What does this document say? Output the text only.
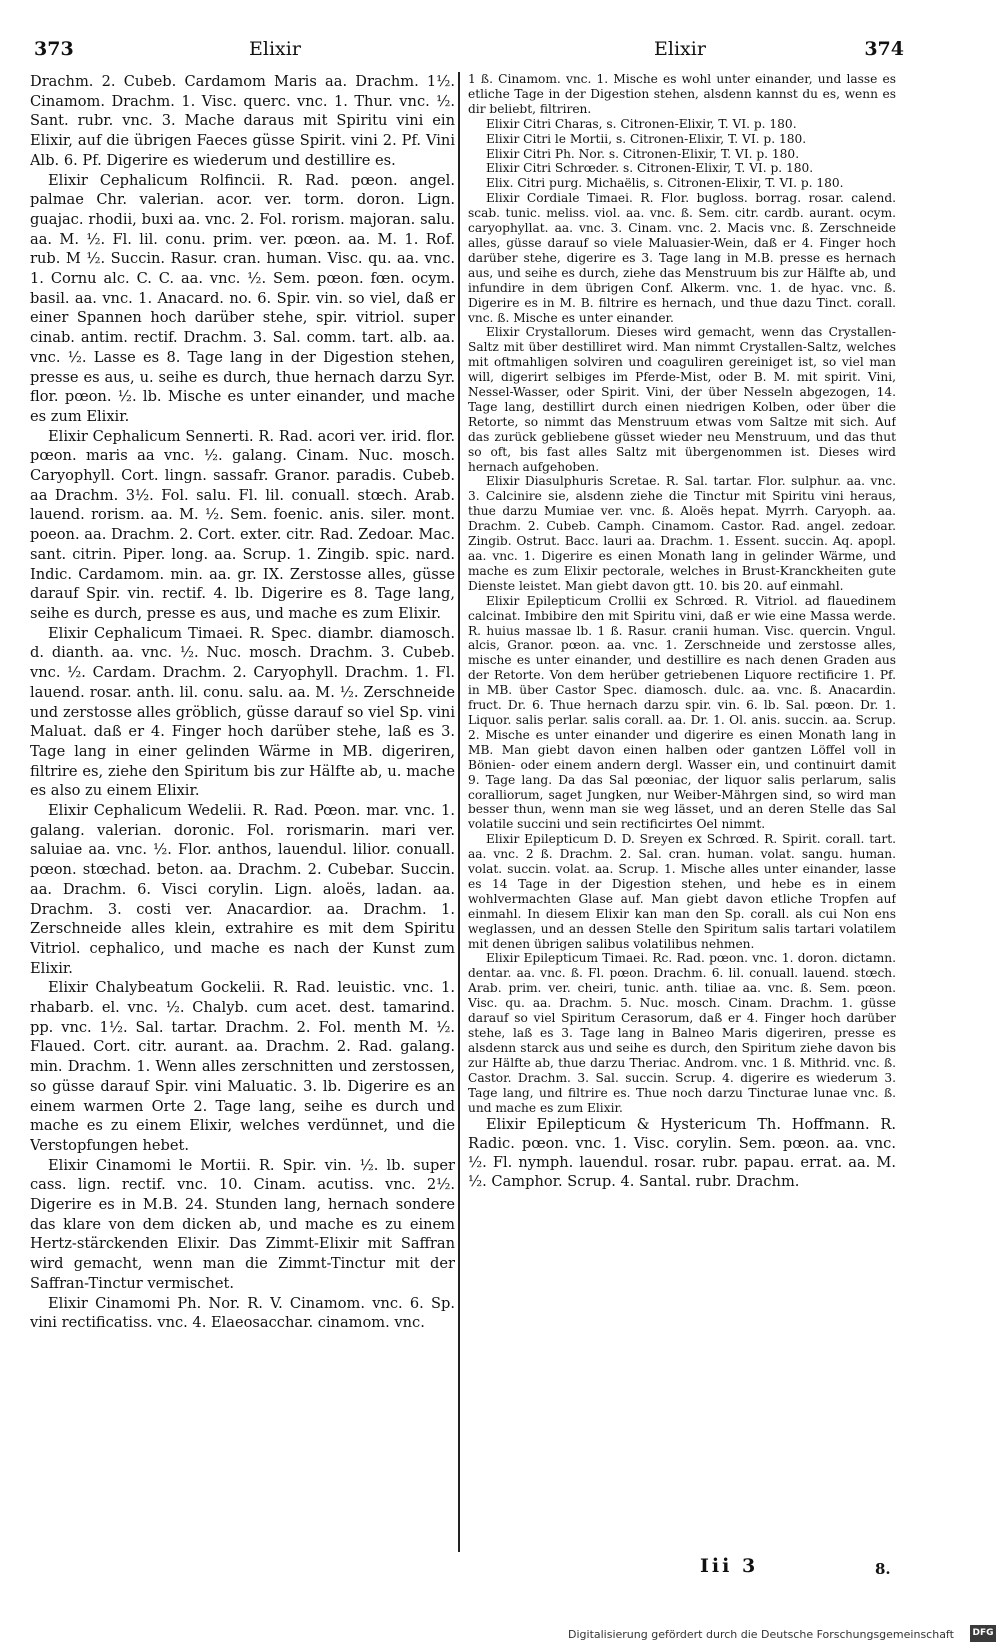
373	Elixir	Elixir	374

Drachm. 2. Cubeb. Cardamom Maris aa. Drachm. 1½. Cinamom. Drachm. 1. Visc. querc. vnc. 1. Thur. vnc. ½. Sant. rubr. vnc. 3. Mache daraus mit Spiritu vini ein Elixir, auf die übrigen Faeces güsse Spirit. vini 2. Pf. Vini Alb. 6. Pf. Digerire es wiederum und destillire es.

Elixir Cephalicum Rolfincii. R. Rad. pœon. angel. palmae Chr. valerian. acor. ver. torm. doron. Lign. guajac. rhodii, buxi aa. vnc. 2. Fol. rorism. majoran. salu. aa. M. ½. Fl. lil. conu. prim. ver. pœon. aa. M. 1. Rof. rub. M ½. Succin. Rasur. cran. human. Visc. qu. aa. vnc. 1. Cornu alc. C. C. aa. vnc. ½. Sem. pœon. fœn. ocym. basil. aa. vnc. 1. Anacard. no. 6. Spir. vin. so viel, daß er einer Spannen hoch darüber stehe, spir. vitriol. super cinab. antim. rectif. Drachm. 3. Sal. comm. tart. alb. aa. vnc. ½. Lasse es 8. Tage lang in der Digestion stehen, presse es aus, u. seihe es durch, thue hernach darzu Syr. flor. pœon. ½. lb. Mische es unter einander, und mache es zum Elixir.

Elixir Cephalicum Sennerti. R. Rad. acori ver. irid. flor. pœon. maris aa vnc. ½. galang. Cinam. Nuc. mosch. Caryophyll. Cort. lingn. sassafr. Granor. paradis. Cubeb. aa Drachm. 3½. Fol. salu. Fl. lil. conuall. stœch. Arab. lauend. rorism. aa. M. ½. Sem. foenic. anis. siler. mont. poeon. aa. Drachm. 2. Cort. exter. citr. Rad. Zedoar. Mac. sant. citrin. Piper. long. aa. Scrup. 1. Zingib. spic. nard. Indic. Cardamom. min. aa. gr. IX. Zerstosse alles, güsse darauf Spir. vin. rectif. 4. lb. Digerire es 8. Tage lang, seihe es durch, presse es aus, und mache es zum Elixir.

Elixir Cephalicum Timaei. R. Spec. diambr. diamosch. d. dianth. aa. vnc. ½. Nuc. mosch. Drachm. 3. Cubeb. vnc. ½. Cardam. Drachm. 2. Caryophyll. Drachm. 1. Fl. lauend. rosar. anth. lil. conu. salu. aa. M. ½. Zerschneide und zerstosse alles gröblich, güsse darauf so viel Sp. vini Maluat. daß er 4. Finger hoch darüber stehe, laß es 3. Tage lang in einer gelinden Wärme in MB. digeriren, filtrire es, ziehe den Spiritum bis zur Hälfte ab, u. mache es also zu einem Elixir.

Elixir Cephalicum Wedelii. R. Rad. Pœon. mar. vnc. 1. galang. valerian. doronic. Fol. rorismarin. mari ver. saluiae aa. vnc. ½. Flor. anthos, lauendul. lilior. conuall. pœon. stœchad. beton. aa. Drachm. 2. Cubebar. Succin. aa. Drachm. 6. Visci corylin. Lign. aloës, ladan. aa. Drachm. 3. costi ver. Anacardior. aa. Drachm. 1. Zerschneide alles klein, extrahire es mit dem Spiritu Vitriol. cephalico, und mache es nach der Kunst zum Elixir.

Elixir Chalybeatum Gockelii. R. Rad. leuistic. vnc. 1. rhabarb. el. vnc. ½. Chalyb. cum acet. dest. tamarind. pp. vnc. 1½. Sal. tartar. Drachm. 2. Fol. menth M. ½. Flaued. Cort. citr. aurant. aa. Drachm. 2. Rad. galang. min. Drachm. 1. Wenn alles zerschnitten und zerstossen, so güsse darauf Spir. vini Maluatic. 3. lb. Digerire es an einem warmen Orte 2. Tage lang, seihe es durch und mache es zu einem Elixir, welches verdünnet, und die Verstopfungen hebet.

Elixir Cinamomi le Mortii. R. Spir. vin. ½. lb. super cass. lign. rectif. vnc. 10. Cinam. acutiss. vnc. 2½. Digerire es in M.B. 24. Stunden lang, hernach sondere das klare von dem dicken ab, und mache es zu einem Hertz-stärckenden Elixir. Das Zimmt-Elixir mit Saffran wird gemacht, wenn man die Zimmt-Tinctur mit der Saffran-Tinctur vermischet.

Elixir Cinamomi Ph. Nor. R. V. Cinamom. vnc. 6. Sp. vini rectificatiss. vnc. 4. Elaeosacchar. cinamom. vnc.

1 ß. Cinamom. vnc. 1. Mische es wohl unter einander, und lasse es etliche Tage in der Digestion stehen, alsdenn kannst du es, wenn es dir beliebt, filtriren.

Elixir Citri Charas, s. Citronen-Elixir, T. VI. p. 180.

Elixir Citri le Mortii, s. Citronen-Elixir, T. VI. p. 180.

Elixir Citri Ph. Nor. s. Citronen-Elixir, T. VI. p. 180.

Elixir Citri Schrœder. s. Citronen-Elixir, T. VI. p. 180.

Elix. Citri purg. Michaëlis, s. Citronen-Elixir, T. VI. p. 180.

Elixir Cordiale Timaei. R. Flor. bugloss. borrag. rosar. calend. scab. tunic. meliss. viol. aa. vnc. ß. Sem. citr. cardb. aurant. ocym. caryophyllat. aa. vnc. 3. Cinam. vnc. 2. Macis vnc. ß. Zerschneide alles, güsse darauf so viele Maluasier-Wein, daß er 4. Finger hoch darüber stehe, digerire es 3. Tage lang in M.B. presse es hernach aus, und seihe es durch, ziehe das Menstruum bis zur Hälfte ab, und infundire in dem übrigen Conf. Alkerm. vnc. 1. de hyac. vnc. ß. Digerire es in M. B. filtrire es hernach, und thue dazu Tinct. corall. vnc. ß. Mische es unter einander.

Elixir Crystallorum. Dieses wird gemacht, wenn das Crystallen-Saltz mit über destilliret wird. Man nimmt Crystallen-Saltz, welches mit oftmahligen solviren und coaguliren gereiniget ist, so viel man will, digerirt selbiges im Pferde-Mist, oder B. M. mit spirit. Vini, Nessel-Wasser, oder Spirit. Vini, der über Nesseln abgezogen, 14. Tage lang, destillirt durch einen niedrigen Kolben, oder über die Retorte, so nimmt das Menstruum etwas vom Saltze mit sich. Auf das zurück gebliebene güsset wieder neu Menstruum, und das thut so oft, bis fast alles Saltz mit übergenommen ist. Dieses wird hernach aufgehoben.

Elixir Diasulphuris Scretae. R. Sal. tartar. Flor. sulphur. aa. vnc. 3. Calcinire sie, alsdenn ziehe die Tinctur mit Spiritu vini heraus, thue darzu Mumiae ver. vnc. ß. Aloës hepat. Myrrh. Caryoph. aa. Drachm. 2. Cubeb. Camph. Cinamom. Castor. Rad. angel. zedoar. Zingib. Ostrut. Bacc. lauri aa. Drachm. 1. Essent. succin. Aq. apopl. aa. vnc. 1. Digerire es einen Monath lang in gelinder Wärme, und mache es zum Elixir pectorale, welches in Brust-Kranckheiten gute Dienste leistet. Man giebt davon gtt. 10. bis 20. auf einmahl.

Elixir Epilepticum Crollii ex Schrœd. R. Vitriol. ad flauedinem calcinat. Imbibire den mit Spiritu vini, daß er wie eine Massa werde. R. huius massae lb. 1 ß. Rasur. cranii human. Visc. quercin. Vngul. alcis, Granor. pœon. aa. vnc. 1. Zerschneide und zerstosse alles, mische es unter einander, und destillire es nach denen Graden aus der Retorte. Von dem herüber getriebenen Liquore rectificire 1. Pf. in MB. über Castor Spec. diamosch. dulc. aa. vnc. ß. Anacardin. fruct. Dr. 6. Thue hernach darzu spir. vin. 6. lb. Sal. pœon. Dr. 1. Liquor. salis perlar. salis corall. aa. Dr. 1. Ol. anis. succin. aa. Scrup. 2. Mische es unter einander und digerire es einen Monath lang in MB. Man giebt davon einen halben oder gantzen Löffel voll in Bönien- oder einem andern dergl. Wasser ein, und continuirt damit 9. Tage lang. Da das Sal pœoniac, der liquor salis perlarum, salis coralliorum, saget Jungken, nur Weiber-Mährgen sind, so wird man besser thun, wenn man sie weg lässet, und an deren Stelle das Sal volatile succini und sein rectificirtes Oel nimmt.

Elixir Epilepticum D. D. Sreyen ex Schrœd. R. Spirit. corall. tart. aa. vnc. 2 ß. Drachm. 2. Sal. cran. human. volat. sangu. human. volat. succin. volat. aa. Scrup. 1. Mische alles unter einander, lasse es 14 Tage in der Digestion stehen, und hebe es in einem wohlvermachten Glase auf. Man giebt davon etliche Tropfen auf einmahl. In diesem Elixir kan man den Sp. corall. als cui Non ens weglassen, und an dessen Stelle den Spiritum salis tartari volatilem mit denen übrigen salibus volatilibus nehmen.

Elixir Epilepticum Timaei. Rc. Rad. pœon. vnc. 1. doron. dictamn. dentar. aa. vnc. ß. Fl. pœon. Drachm. 6. lil. conuall. lauend. stœch. Arab. prim. ver. cheiri, tunic. anth. tiliae aa. vnc. ß. Sem. pœon. Visc. qu. aa. Drachm. 5. Nuc. mosch. Cinam. Drachm. 1. güsse darauf so viel Spiritum Cerasorum, daß er 4. Finger hoch darüber stehe, laß es 3. Tage lang in Balneo Maris digeriren, presse es alsdenn starck aus und seihe es durch, den Spiritum ziehe davon bis zur Hälfte ab, thue darzu Theriac. Androm. vnc. 1 ß. Mithrid. vnc. ß. Castor. Drachm. 3. Sal. succin. Scrup. 4. digerire es wiederum 3. Tage lang, und filtrire es. Thue noch darzu Tincturae lunae vnc. ß. und mache es zum Elixir.

Elixir Epilepticum & Hystericum Th. Hoffmann. R. Radic. pœon. vnc. 1. Visc. corylin. Sem. pœon. aa. vnc. ½. Fl. nymph. lauendul. rosar. rubr. papau. errat. aa. M. ½. Camphor. Scrup. 4. Santal. rubr. Drachm.

Iii 3	8.
Digitalisierung gefördert durch die Deutsche Forschungsgemeinschaft DFG
